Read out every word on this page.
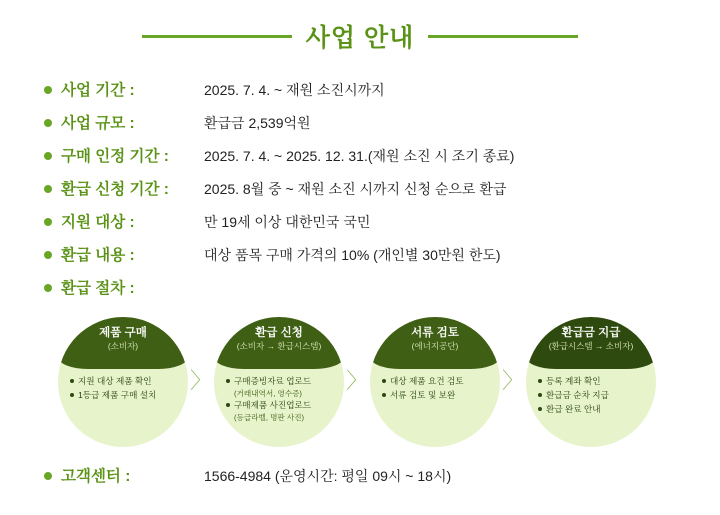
사업 안내
사업 기간 :	2025. 7. 4. ~ 재원 소진시까지
사업 규모 :	환급금 2,539억원
구매 인정 기간 :	2025. 7. 4. ~ 2025. 12. 31.(재원 소진 시 조기 종료)
환급 신청 기간 :	2025. 8월 중 ~ 재원 소진 시까지 신청 순으로 환급
지원 대상 :	만 19세 이상 대한민국 국민
환급 내용 :	대상 품목 구매 가격의 10% (개인별 30만원 한도)
환급 절차 :
제품 구매
(소비자)
지원 대상 제품 확인
1등급 제품 구매 설치
〉
환급 신청
(소비자 → 환급시스템)
구매증빙자료 업로드
(거래내역서, 영수증)
구매제품 사진업로드
(등급라벨, 명판 사진)
〉
서류 검토
(에너지공단)
대상 제품 요건 검토
서류 검토 및 보완
〉
환급금 지급
(환급시스템 → 소비자)
등록 계좌 확인
환급금 순차 지급
환급 완료 안내
고객센터 :	1566-4984 (운영시간: 평일 09시 ~ 18시)
